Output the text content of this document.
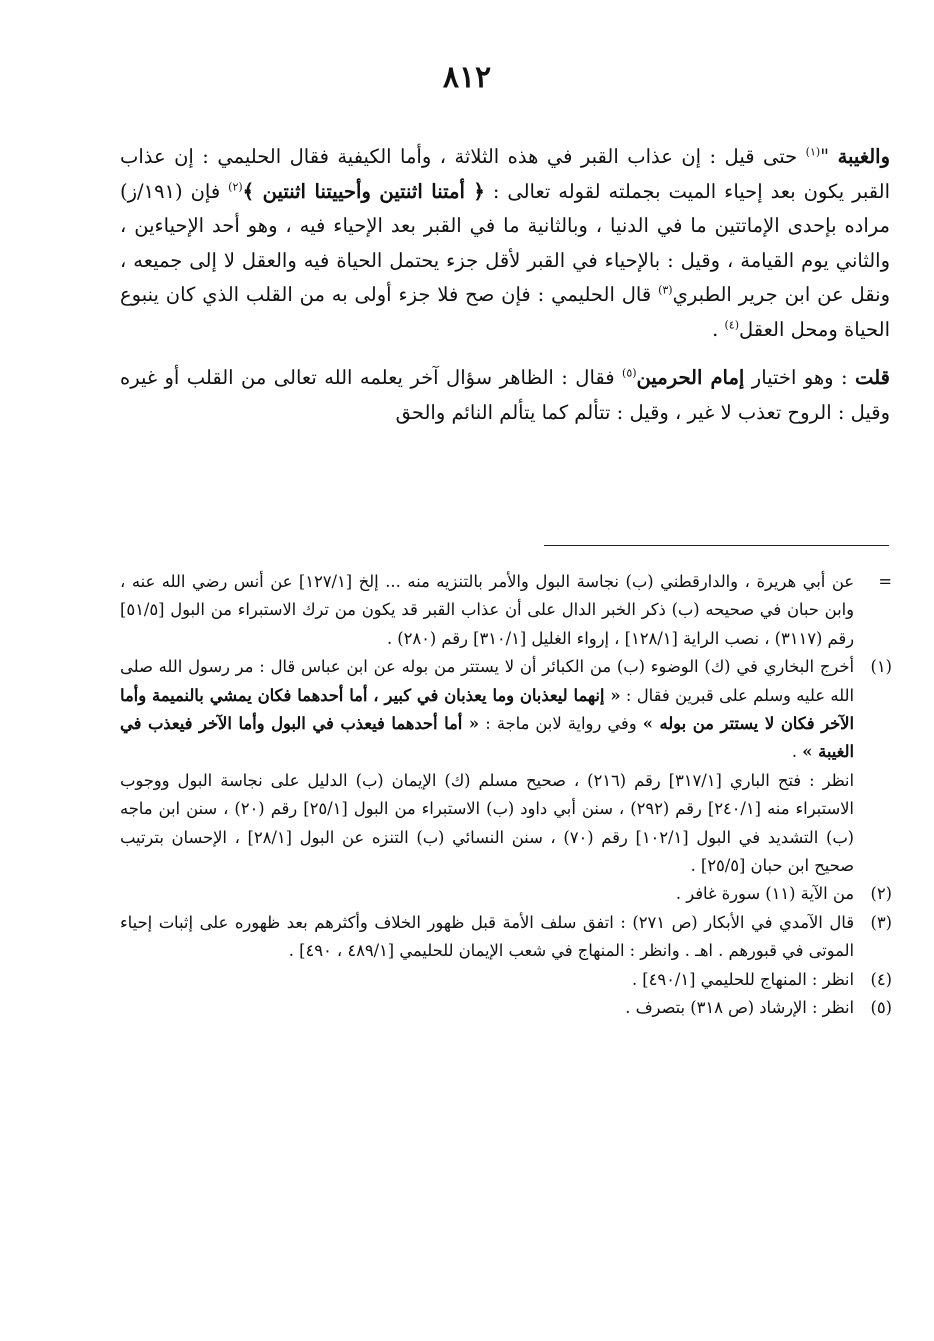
٨١٢

والغيبة "$^{(١)}$ حتى قيل : إن عذاب القبر في هذه الثلاثة ، وأما الكيفية فقال الحليمي : إن عذاب القبر يكون بعد إحياء الميت بجملته لقوله تعالى : ﴿ أمتنا اثنتين وأحييتنا اثنتين ﴾$^{(٢)}$ فإن (١٩١/ز) مراده بإحدى الإماتتين ما في الدنيا ، وبالثانية ما في القبر بعد الإحياء فيه ، وهو أحد الإحياءين ، والثاني يوم القيامة ، وقيل : بالإحياء في القبر لأقل جزء يحتمل الحياة فيه والعقل لا إلى جميعه ، ونقل عن ابن جرير الطبري$^{(٣)}$ قال الحليمي : فإن صح فلا جزء أولى به من القلب الذي كان ينبوع الحياة ومحل العقل$^{(٤)}$ .

قلت : وهو اختيار إمام الحرمين$^{(٥)}$ فقال : الظاهر سؤال آخر يعلمه الله تعالى من القلب أو غيره وقيل : الروح تعذب لا غير ، وقيل : تتألم كما يتألم النائم والحق

=
عن أبي هريرة ، والدارقطني (ب) نجاسة البول والأمر بالتنزيه منه ... إلخ [١٢٧/١] عن أنس رضي الله عنه ، وابن حبان في صحيحه (ب) ذكر الخبر الدال على أن عذاب القبر قد يكون من ترك الاستبراء من البول [٥١/٥] رقم (٣١١٧) ، نصب الراية [١٢٨/١] ، إرواء الغليل [٣١٠/١] رقم (٢٨٠) .
(١)
أخرج البخاري في (ك) الوضوء (ب) من الكبائر أن لا يستتر من بوله عن ابن عباس قال : مر رسول الله صلى الله عليه وسلم على قبرين فقال : « إنهما ليعذبان وما يعذبان في كبير ، أما أحدهما فكان يمشي بالنميمة وأما الآخر فكان لا يستتر من بوله » وفي رواية لابن ماجة : « أما أحدهما فيعذب في البول وأما الآخر فيعذب في الغيبة » .
انظر : فتح الباري [٣١٧/١] رقم (٢١٦) ، صحيح مسلم (ك) الإيمان (ب) الدليل على نجاسة البول ووجوب الاستبراء منه [٢٤٠/١] رقم (٢٩٢) ، سنن أبي داود (ب) الاستبراء من البول [٢٥/١] رقم (٢٠) ، سنن ابن ماجه (ب) التشديد في البول [١٠٢/١] رقم (٧٠) ، سنن النسائي (ب) التنزه عن البول [٢٨/١] ، الإحسان بترتيب صحيح ابن حبان [٢٥/٥] .
(٢)
من الآية (١١) سورة غافر .
(٣)
قال الآمدي في الأبكار (ص ٢٧١) : اتفق سلف الأمة قبل ظهور الخلاف وأكثرهم بعد ظهوره على إثبات إحياء الموتى في قبورهم . اهـ . وانظر : المنهاج في شعب الإيمان للحليمي [٤٨٩/١ ، ٤٩٠] .
(٤)
انظر : المنهاج للحليمي [٤٩٠/١] .
(٥)
انظر : الإرشاد (ص ٣١٨) بتصرف .
